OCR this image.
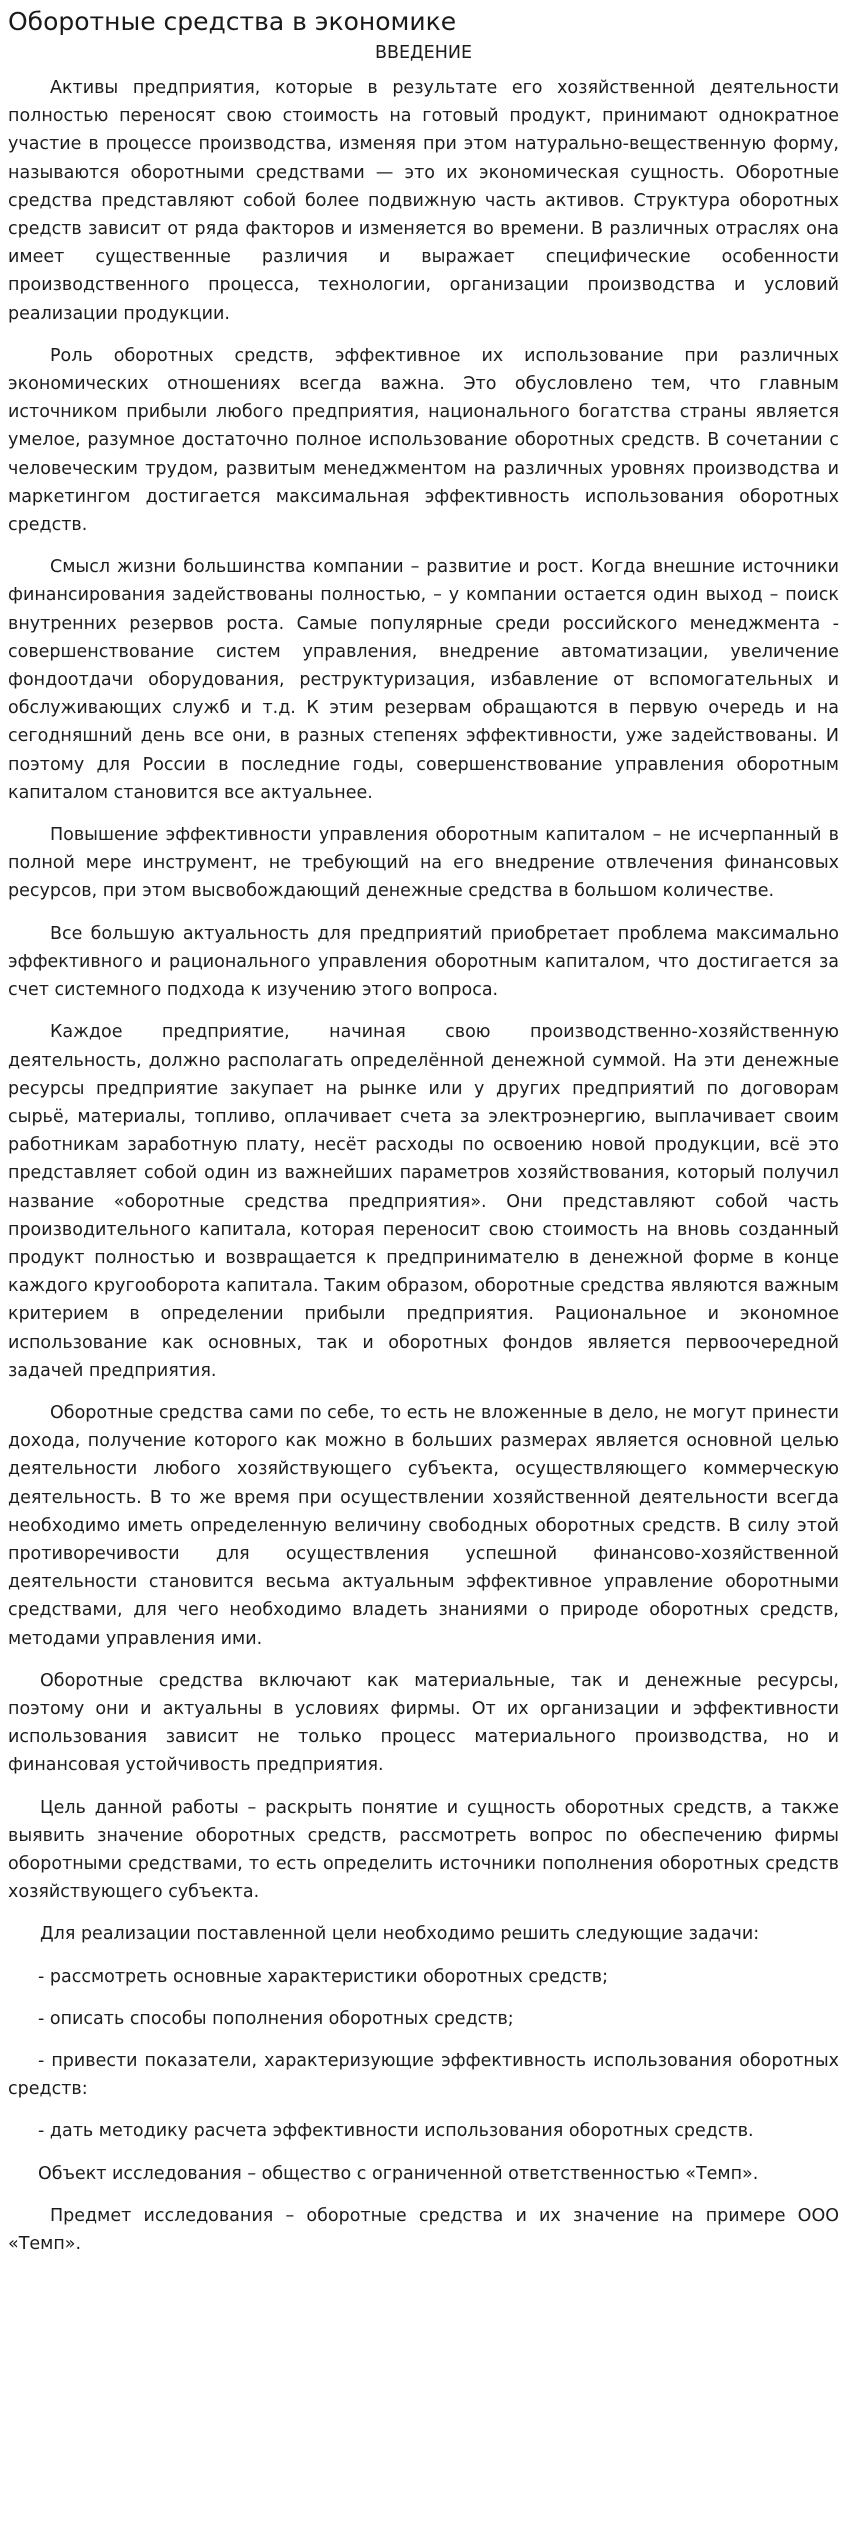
Оборотные средства в экономике
ВВЕДЕНИЕ

Активы предприятия, которые в результате его хозяйственной деятельности полностью переносят свою стоимость на готовый продукт, принимают однократное участие в процессе производства, изменяя при этом натурально-вещественную форму, называются оборотными средствами — это их экономическая сущность. Оборотные средства представляют собой более подвижную часть активов. Структура оборотных средств зависит от ряда факторов и изменяется во времени. В различных отраслях она имеет существенные различия и выражает специфические особенности производственного процесса, технологии, организации производства и условий реализации продукции.

Роль оборотных средств, эффективное их использование при различных экономических отношениях всегда важна. Это обусловлено тем, что главным источником прибыли любого предприятия, национального богатства страны является умелое, разумное достаточно полное использование оборотных средств. В сочетании с человеческим трудом, развитым менеджментом на различных уровнях производства и маркетингом достигается максимальная эффективность использования оборотных средств.

Смысл жизни большинства компании – развитие и рост. Когда внешние источники финансирования задействованы полностью, – у компании остается один выход – поиск внутренних резервов роста. Самые популярные среди российского менеджмента - совершенствование систем управления, внедрение автоматизации, увеличение фондоотдачи оборудования, реструктуризация, избавление от вспомогательных и обслуживающих служб и т.д. К этим резервам обращаются в первую очередь и на сегодняшний день все они, в разных степенях эффективности, уже задействованы. И поэтому для России в последние годы, совершенствование управления оборотным капиталом становится все актуальнее.

Повышение эффективности управления оборотным капиталом – не исчерпанный в полной мере инструмент, не требующий на его внедрение отвлечения финансовых ресурсов, при этом высвобождающий денежные средства в большом количестве.

Все большую актуальность для предприятий приобретает проблема максимально эффективного и рационального управления оборотным капиталом, что достигается за счет системного подхода к изучению этого вопроса.

Каждое предприятие, начиная свою производственно-хозяйственную деятельность, должно располагать определённой денежной суммой. На эти денежные ресурсы предприятие закупает на рынке или у других предприятий по договорам сырьё, материалы, топливо, оплачивает счета за электроэнергию, выплачивает своим работникам заработную плату, несёт расходы по освоению новой продукции, всё это представляет собой один из важнейших параметров хозяйствования, который получил название «оборотные средства предприятия». Они представляют собой часть производительного капитала, которая переносит свою стоимость на вновь созданный продукт полностью и возвращается к предпринимателю в денежной форме в конце каждого кругооборота капитала. Таким образом, оборотные средства являются важным критерием в определении прибыли предприятия. Рациональное и экономное использование как основных, так и оборотных фондов является первоочередной задачей предприятия.

Оборотные средства сами по себе, то есть не вложенные в дело, не могут принести дохода, получение которого как можно в больших размерах является основной целью деятельности любого хозяйствующего субъекта, осуществляющего коммерческую деятельность. В то же время при осуществлении хозяйственной деятельности всегда необходимо иметь определенную величину свободных оборотных средств. В силу этой противоречивости для осуществления успешной финансово-хозяйственной деятельности становится весьма актуальным эффективное управление оборотными средствами, для чего необходимо владеть знаниями о природе оборотных средств, методами управления ими.

Оборотные средства включают как материальные, так и денежные ресурсы, поэтому они и актуальны в условиях фирмы. От их организации и эффективности использования зависит не только процесс материального производства, но и финансовая устойчивость предприятия.

Цель данной работы – раскрыть понятие и сущность оборотных средств, а также выявить значение оборотных средств, рассмотреть вопрос по обеспечению фирмы оборотными средствами, то есть определить источники пополнения оборотных средств хозяйствующего субъекта.

Для реализации поставленной цели необходимо решить следующие задачи:

- рассмотреть основные характеристики оборотных средств;

- описать способы пополнения оборотных средств;

- привести показатели, характеризующие эффективность использования оборотных средств:

- дать методику расчета эффективности использования оборотных средств.

Объект исследования – общество с ограниченной ответственностью «Темп».

Предмет исследования – оборотные средства и их значение на примере ООО «Темп».
